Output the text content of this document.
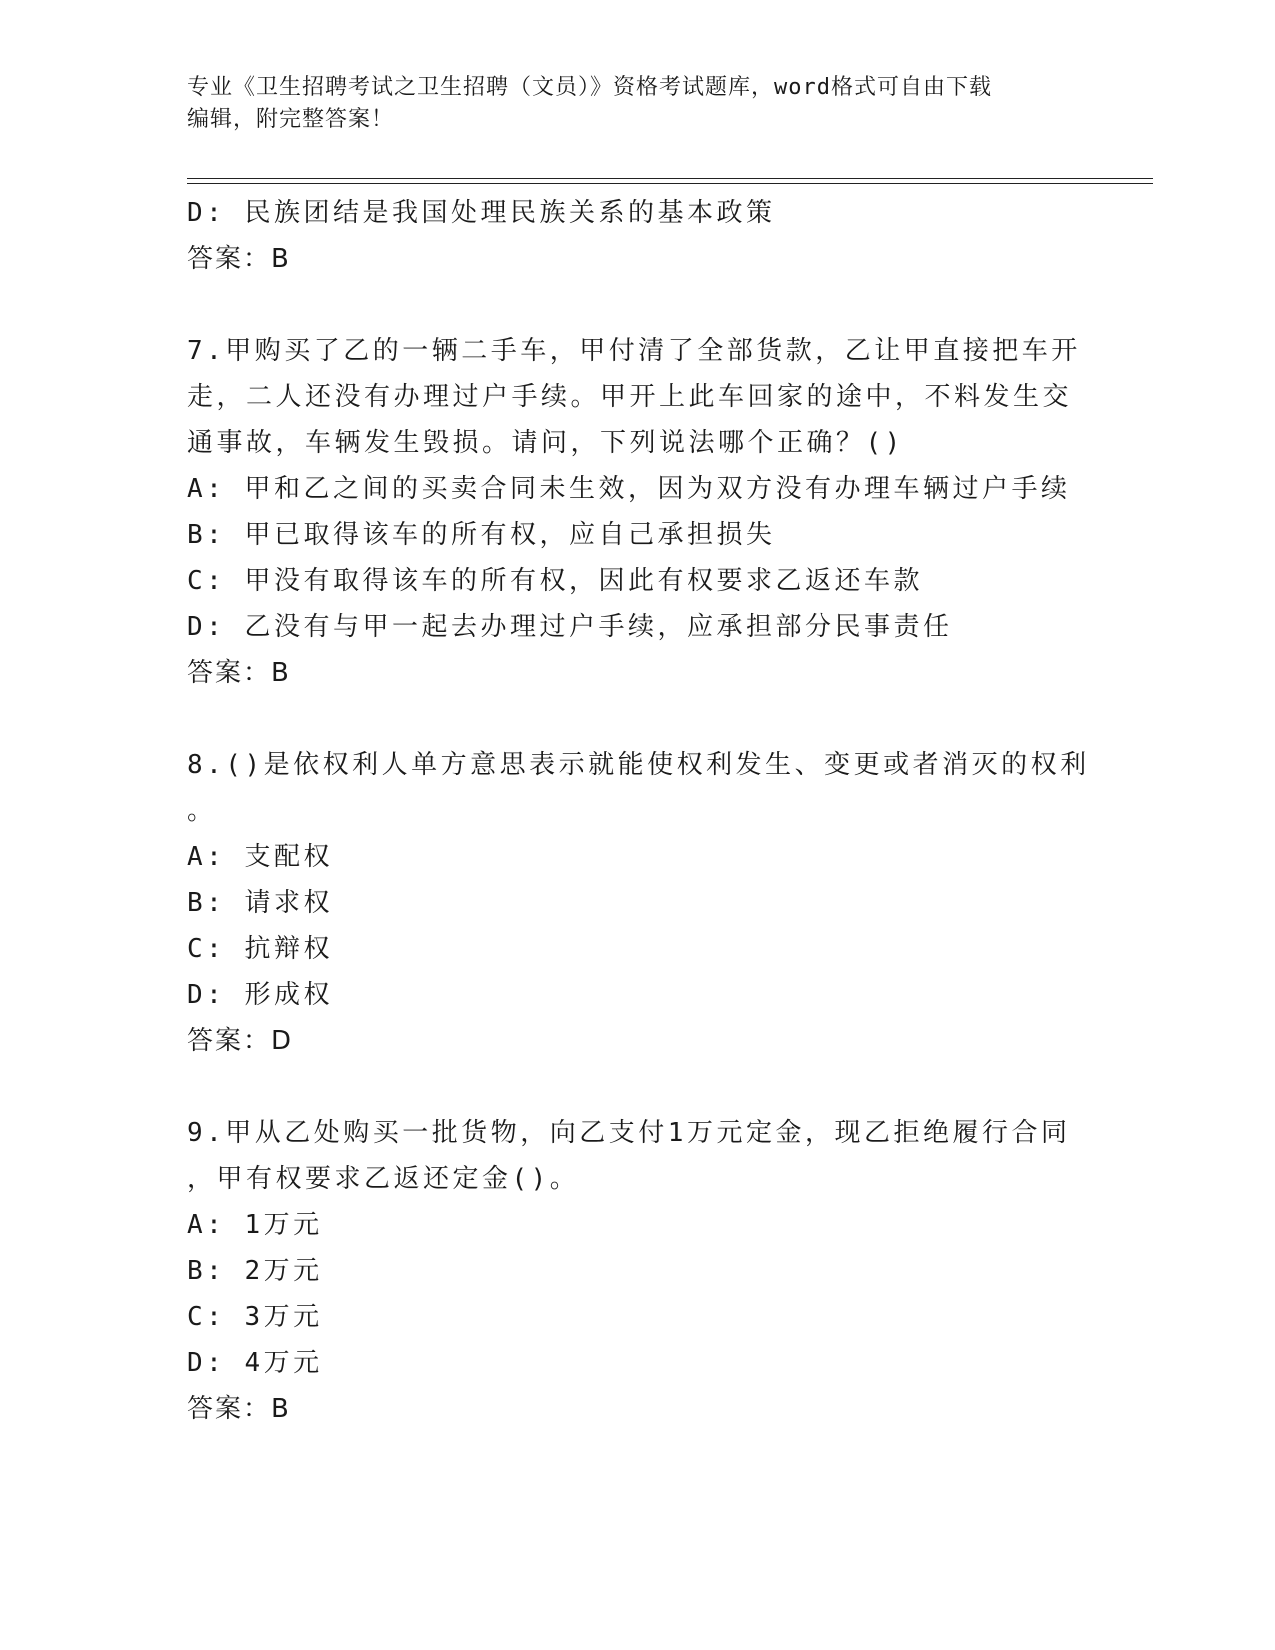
专业《卫生招聘考试之卫生招聘（文员）》资格考试题库，word格式可自由下载
编辑，附完整答案！
D: 民族团结是我国处理民族关系的基本政策
答案：B
7.甲购买了乙的一辆二手车，甲付清了全部货款，乙让甲直接把车开
走，二人还没有办理过户手续。甲开上此车回家的途中，不料发生交
通事故，车辆发生毁损。请问，下列说法哪个正确？()
A: 甲和乙之间的买卖合同未生效，因为双方没有办理车辆过户手续
B: 甲已取得该车的所有权，应自己承担损失
C: 甲没有取得该车的所有权，因此有权要求乙返还车款
D: 乙没有与甲一起去办理过户手续，应承担部分民事责任
答案：B
8.()是依权利人单方意思表示就能使权利发生、变更或者消灭的权利
。
A: 支配权
B: 请求权
C: 抗辩权
D: 形成权
答案：D
9.甲从乙处购买一批货物，向乙支付1万元定金，现乙拒绝履行合同
，甲有权要求乙返还定金()。
A: 1万元
B: 2万元
C: 3万元
D: 4万元
答案：B
